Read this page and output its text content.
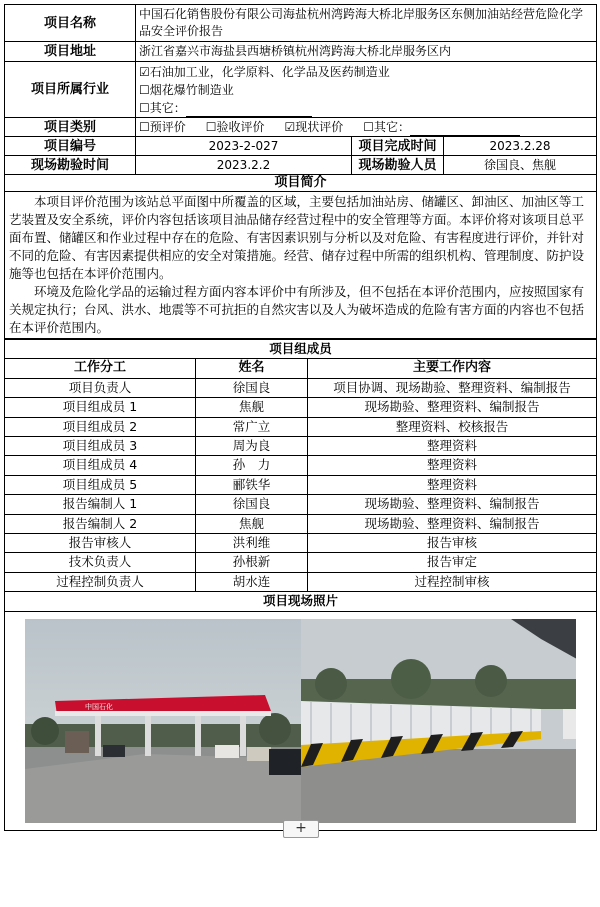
项目名称	中国石化销售股份有限公司海盐杭州湾跨海大桥北岸服务区东侧加油站经营危险化学品安全评价报告		
项目地址	浙江省嘉兴市海盐县西塘桥镇杭州湾跨海大桥北岸服务区内		
项目所属行业	☑石油加工业，化学原料、化学品及医药制造业
☐烟花爆竹制造业
☐其它：		

项目类别	☐预评价 ☐验收评价 ☑现状评价 ☐其它：		
项目编号	2023-2-027	项目完成时间	2023.2.28
现场勘验时间	2023.2.2	现场勘验人员	徐国良、焦舰
项目简介			

本项目评价范围为该站总平面图中所覆盖的区域，主要包括加油站房、储罐区、卸油区、加油区等工艺装置及安全系统，评价内容包括该项目油品储存经营过程中的安全管理等方面。本评价将对该项目总平面布置、储罐区和作业过程中存在的危险、有害因素识别与分析以及对危险、有害程度进行评价，并针对不同的危险、有害因素提供相应的安全对策措施。经营、储存过程中所需的组织机构、管理制度、防护设施等也包括在本评价范围内。

环境及危险化学品的运输过程方面内容本评价中有所涉及，但不包括在本评价范围内，应按照国家有关规定执行；台风、洪水、地震等不可抗拒的自然灾害以及人为破坏造成的危险有害方面的内容也不包括在本评价范围内。			

项目组成员		
工作分工	姓名	主要工作内容
项目负责人	徐国良	项目协调、现场勘验、整理资料、编制报告
项目组成员 1	焦舰	现场勘验、整理资料、编制报告
项目组成员 2	常广立	整理资料、校核报告
项目组成员 3	周为良	整理资料
项目组成员 4	孙　力	整理资料
项目组成员 5	郦铁华	整理资料
报告编制人 1	徐国良	现场勘验、整理资料、编制报告
报告编制人 2	焦舰	现场勘验、整理资料、编制报告
报告审核人	洪利维	报告审核
技术负责人	孙根新	报告审定
过程控制负责人	胡水连	过程控制审核
项目现场照片		

中国石化		
+
